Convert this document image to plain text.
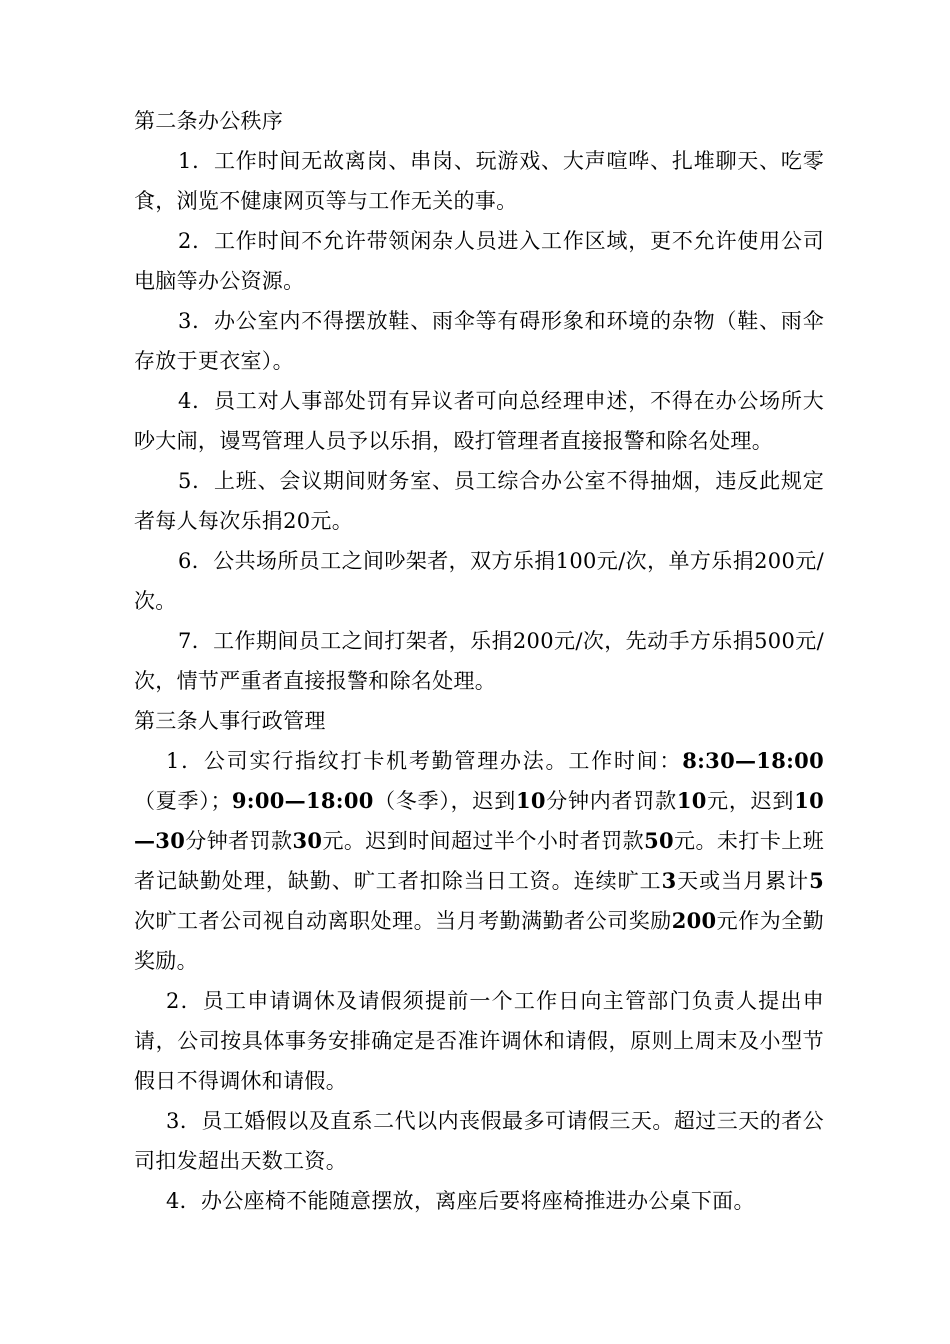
第二条办公秩序

1．工作时间无故离岗、串岗、玩游戏、大声喧哗、扎堆聊天、吃零食，浏览不健康网页等与工作无关的事。

2．工作时间不允许带领闲杂人员进入工作区域，更不允许使用公司电脑等办公资源。

3．办公室内不得摆放鞋、雨伞等有碍形象和环境的杂物（鞋、雨伞存放于更衣室）。

4．员工对人事部处罚有异议者可向总经理申述，不得在办公场所大吵大闹，谩骂管理人员予以乐捐，殴打管理者直接报警和除名处理。

5．上班、会议期间财务室、员工综合办公室不得抽烟，违反此规定者每人每次乐捐20元。

6．公共场所员工之间吵架者，双方乐捐100元/次，单方乐捐200元/次。

7．工作期间员工之间打架者，乐捐200元/次，先动手方乐捐500元/次，情节严重者直接报警和除名处理。

第三条人事行政管理

1．公司实行指纹打卡机考勤管理办法。工作时间：8:30—18:00（夏季）；9:00—18:00（冬季），迟到10分钟内者罚款10元，迟到10—30分钟者罚款30元。迟到时间超过半个小时者罚款50元。未打卡上班者记缺勤处理，缺勤、旷工者扣除当日工资。连续旷工3天或当月累计5次旷工者公司视自动离职处理。当月考勤满勤者公司奖励200元作为全勤奖励。

2．员工申请调休及请假须提前一个工作日向主管部门负责人提出申请，公司按具体事务安排确定是否准许调休和请假，原则上周末及小型节假日不得调休和请假。

3．员工婚假以及直系二代以内丧假最多可请假三天。超过三天的者公司扣发超出天数工资。

4．办公座椅不能随意摆放，离座后要将座椅推进办公桌下面。
